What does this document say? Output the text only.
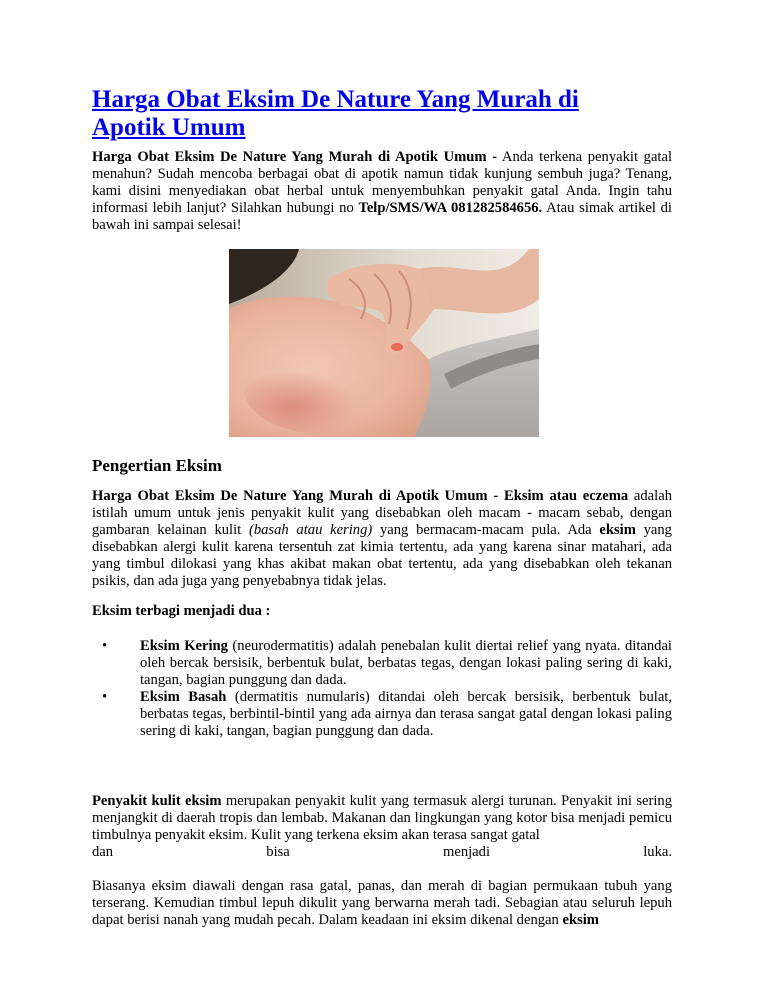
Harga Obat Eksim De Nature Yang Murah di Apotik Umum

Harga Obat Eksim De Nature Yang Murah di Apotik Umum - Anda terkena penyakit gatal menahun? Sudah mencoba berbagai obat di apotik namun tidak kunjung sembuh juga? Tenang, kami disini menyediakan obat herbal untuk menyembuhkan penyakit gatal Anda. Ingin tahu informasi lebih lanjut? Silahkan hubungi no Telp/SMS/WA 081282584656. Atau simak artikel di bawah ini sampai selesai!

Pengertian Eksim

Harga Obat Eksim De Nature Yang Murah di Apotik Umum - Eksim atau eczema adalah istilah umum untuk jenis penyakit kulit yang disebabkan oleh macam - macam sebab, dengan gambaran kelainan kulit (basah atau kering) yang bermacam-macam pula. Ada eksim yang disebabkan alergi kulit karena tersentuh zat kimia tertentu, ada yang karena sinar matahari, ada yang timbul dilokasi yang khas akibat makan obat tertentu, ada yang disebabkan oleh tekanan psikis, dan ada juga yang penyebabnya tidak jelas.

Eksim terbagi menjadi dua :

• Eksim Kering (neurodermatitis) adalah penebalan kulit diertai relief yang nyata. ditandai oleh bercak bersisik, berbentuk bulat, berbatas tegas, dengan lokasi paling sering di kaki, tangan, bagian punggung dan dada.
• Eksim Basah (dermatitis numularis) ditandai oleh bercak bersisik, berbentuk bulat, berbatas tegas, berbintil-bintil yang ada airnya dan terasa sangat gatal dengan lokasi paling sering di kaki, tangan, bagian punggung dan dada.

Penyakit kulit eksim merupakan penyakit kulit yang termasuk alergi turunan. Penyakit ini sering menjangkit di daerah tropis dan lembab. Makanan dan lingkungan yang kotor bisa menjadi pemicu timbulnya penyakit eksim. Kulit yang terkena eksim akan terasa sangat gatal

dan	bisa	menjadi	luka.

Biasanya eksim diawali dengan rasa gatal, panas, dan merah di bagian permukaan tubuh yang terserang. Kemudian timbul lepuh dikulit yang berwarna merah tadi. Sebagian atau seluruh lepuh dapat berisi nanah yang mudah pecah. Dalam keadaan ini eksim dikenal dengan eksim
